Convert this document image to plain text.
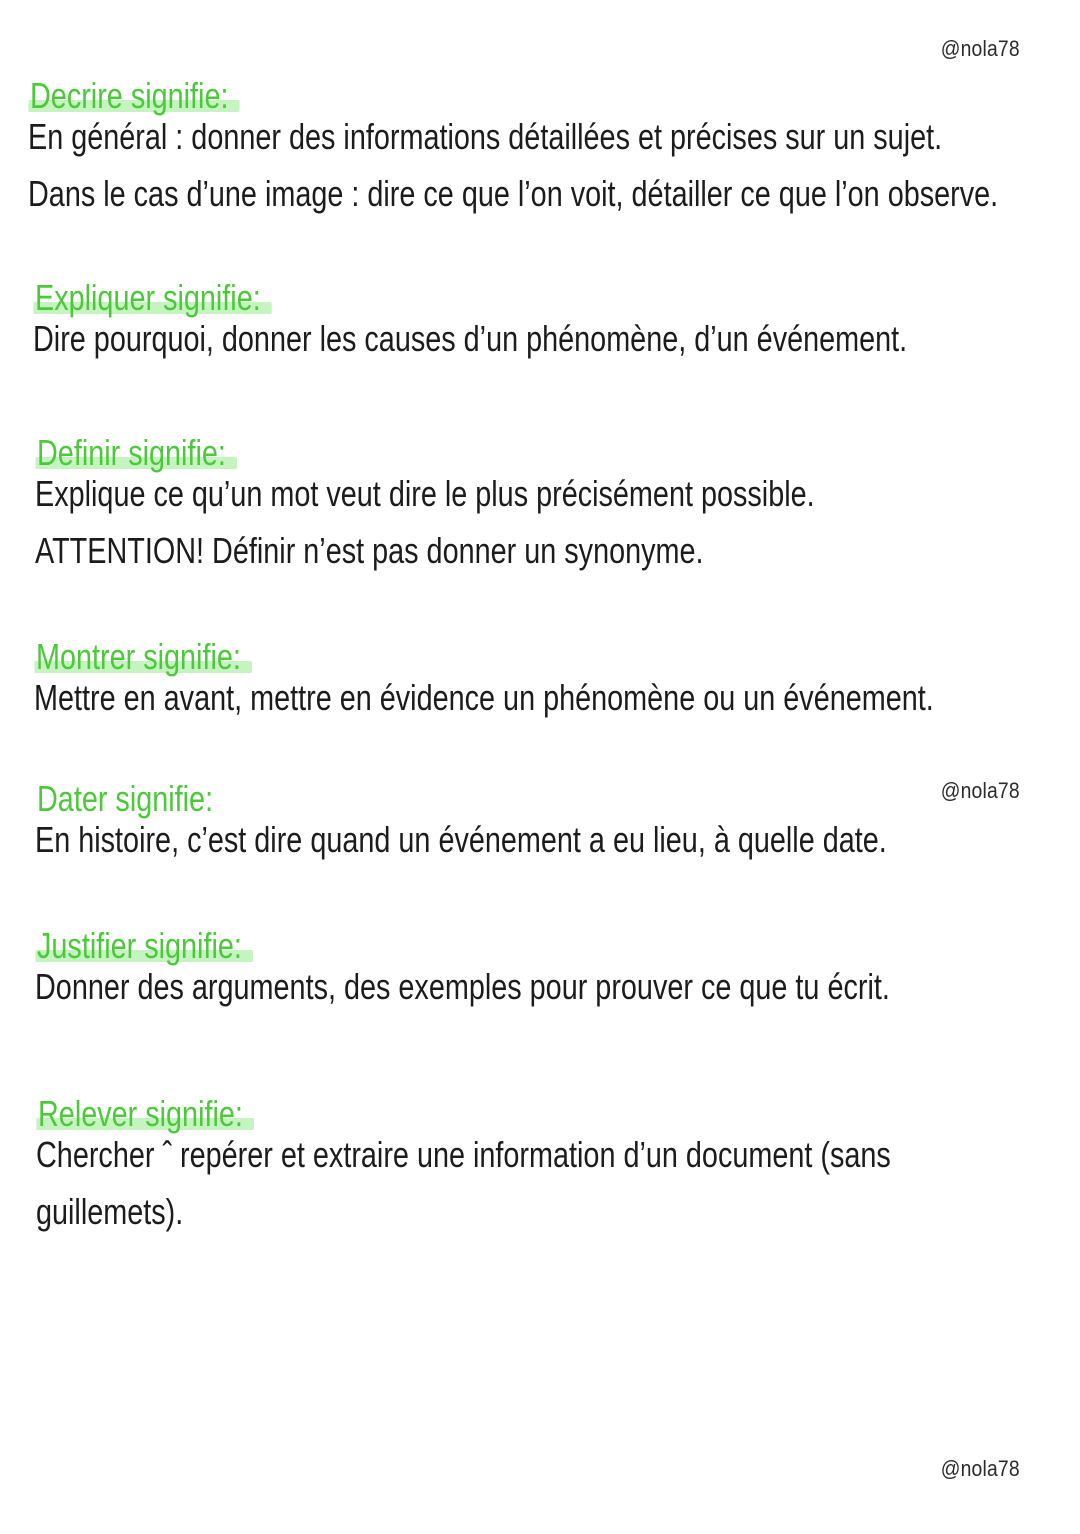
@nola78
@nola78
@nola78
Decrire signifie:
En général : donner des informations détaillées et précises sur un sujet.
Dans le cas d’une image : dire ce que l’on voit, détailler ce que l’on observe.
Expliquer signifie:
Dire pourquoi, donner les causes d’un phénomène, d’un événement.
Definir signifie:
Explique ce qu’un mot veut dire le plus précisément possible.
ATTENTION! Définir n’est pas donner un synonyme.
Montrer signifie:
Mettre en avant, mettre en évidence un phénomène ou un événement.
Dater signifie:
En histoire, c’est dire quand un événement a eu lieu, à quelle date.
Justifier signifie:
Donner des arguments, des exemples pour prouver ce que tu écrit.
Relever signifie:
Chercher ˆ repérer et extraire une information d’un document (sans
guillemets).
